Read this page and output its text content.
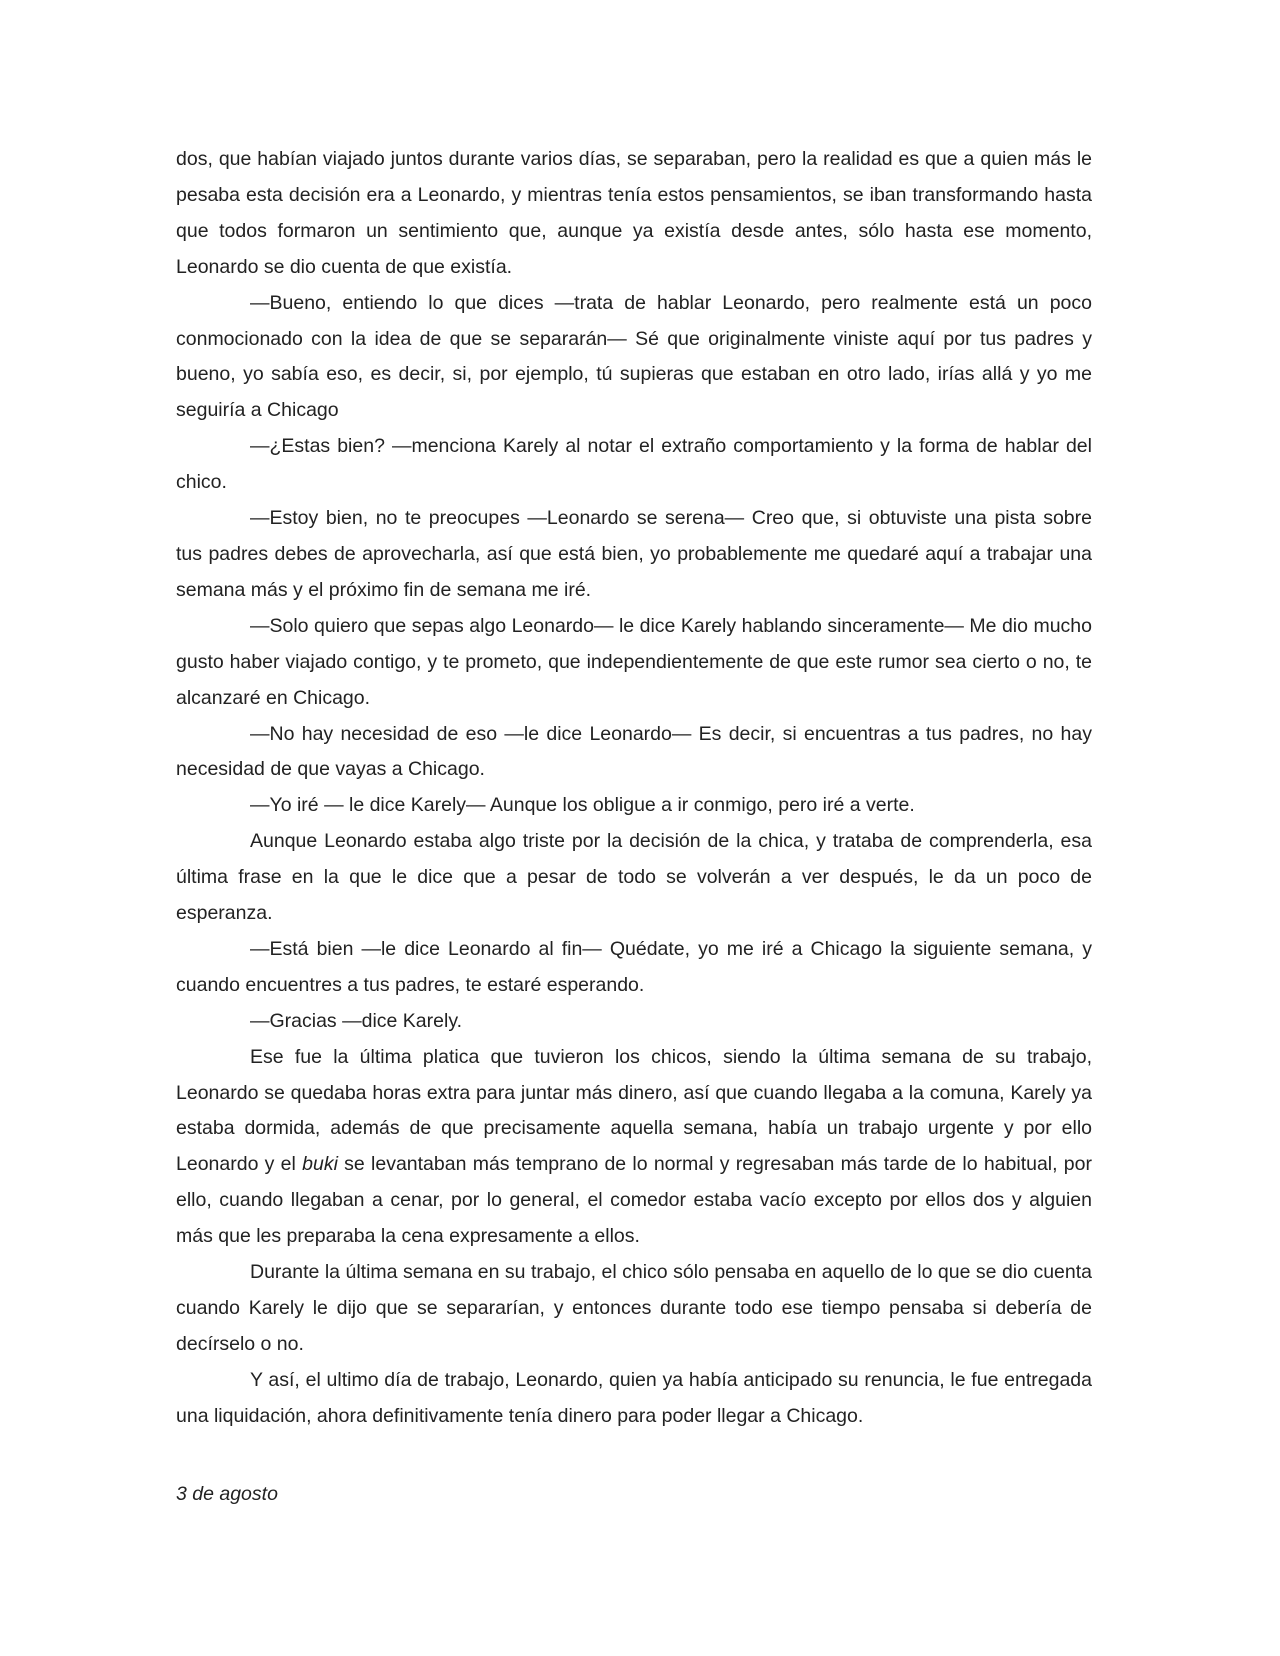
dos, que habían viajado juntos durante varios días, se separaban, pero la realidad es que a quien más le pesaba esta decisión era a Leonardo, y mientras tenía estos pensamientos, se iban transformando hasta que todos formaron un sentimiento que, aunque ya existía desde antes, sólo hasta ese momento, Leonardo se dio cuenta de que existía.

—Bueno, entiendo lo que dices —trata de hablar Leonardo, pero realmente está un poco conmocionado con la idea de que se separarán— Sé que originalmente viniste aquí por tus padres y bueno, yo sabía eso, es decir, si, por ejemplo, tú supieras que estaban en otro lado, irías allá y yo me seguiría a Chicago

—¿Estas bien? —menciona Karely al notar el extraño comportamiento y la forma de hablar del chico.

—Estoy bien, no te preocupes —Leonardo se serena— Creo que, si obtuviste una pista sobre tus padres debes de aprovecharla, así que está bien, yo probablemente me quedaré aquí a trabajar una semana más y el próximo fin de semana me iré.

—Solo quiero que sepas algo Leonardo— le dice Karely hablando sinceramente— Me dio mucho gusto haber viajado contigo, y te prometo, que independientemente de que este rumor sea cierto o no, te alcanzaré en Chicago.

—No hay necesidad de eso —le dice Leonardo— Es decir, si encuentras a tus padres, no hay necesidad de que vayas a Chicago.

—Yo iré — le dice Karely— Aunque los obligue a ir conmigo, pero iré a verte.

Aunque Leonardo estaba algo triste por la decisión de la chica, y trataba de comprenderla, esa última frase en la que le dice que a pesar de todo se volverán a ver después, le da un poco de esperanza.

—Está bien —le dice Leonardo al fin— Quédate, yo me iré a Chicago la siguiente semana, y cuando encuentres a tus padres, te estaré esperando.

—Gracias —dice Karely.

Ese fue la última platica que tuvieron los chicos, siendo la última semana de su trabajo, Leonardo se quedaba horas extra para juntar más dinero, así que cuando llegaba a la comuna, Karely ya estaba dormida, además de que precisamente aquella semana, había un trabajo urgente y por ello Leonardo y el buki se levantaban más temprano de lo normal y regresaban más tarde de lo habitual, por ello, cuando llegaban a cenar, por lo general, el comedor estaba vacío excepto por ellos dos y alguien más que les preparaba la cena expresamente a ellos.

Durante la última semana en su trabajo, el chico sólo pensaba en aquello de lo que se dio cuenta cuando Karely le dijo que se separarían, y entonces durante todo ese tiempo pensaba si debería de decírselo o no.

Y así, el ultimo día de trabajo, Leonardo, quien ya había anticipado su renuncia, le fue entregada una liquidación, ahora definitivamente tenía dinero para poder llegar a Chicago.

3 de agosto
